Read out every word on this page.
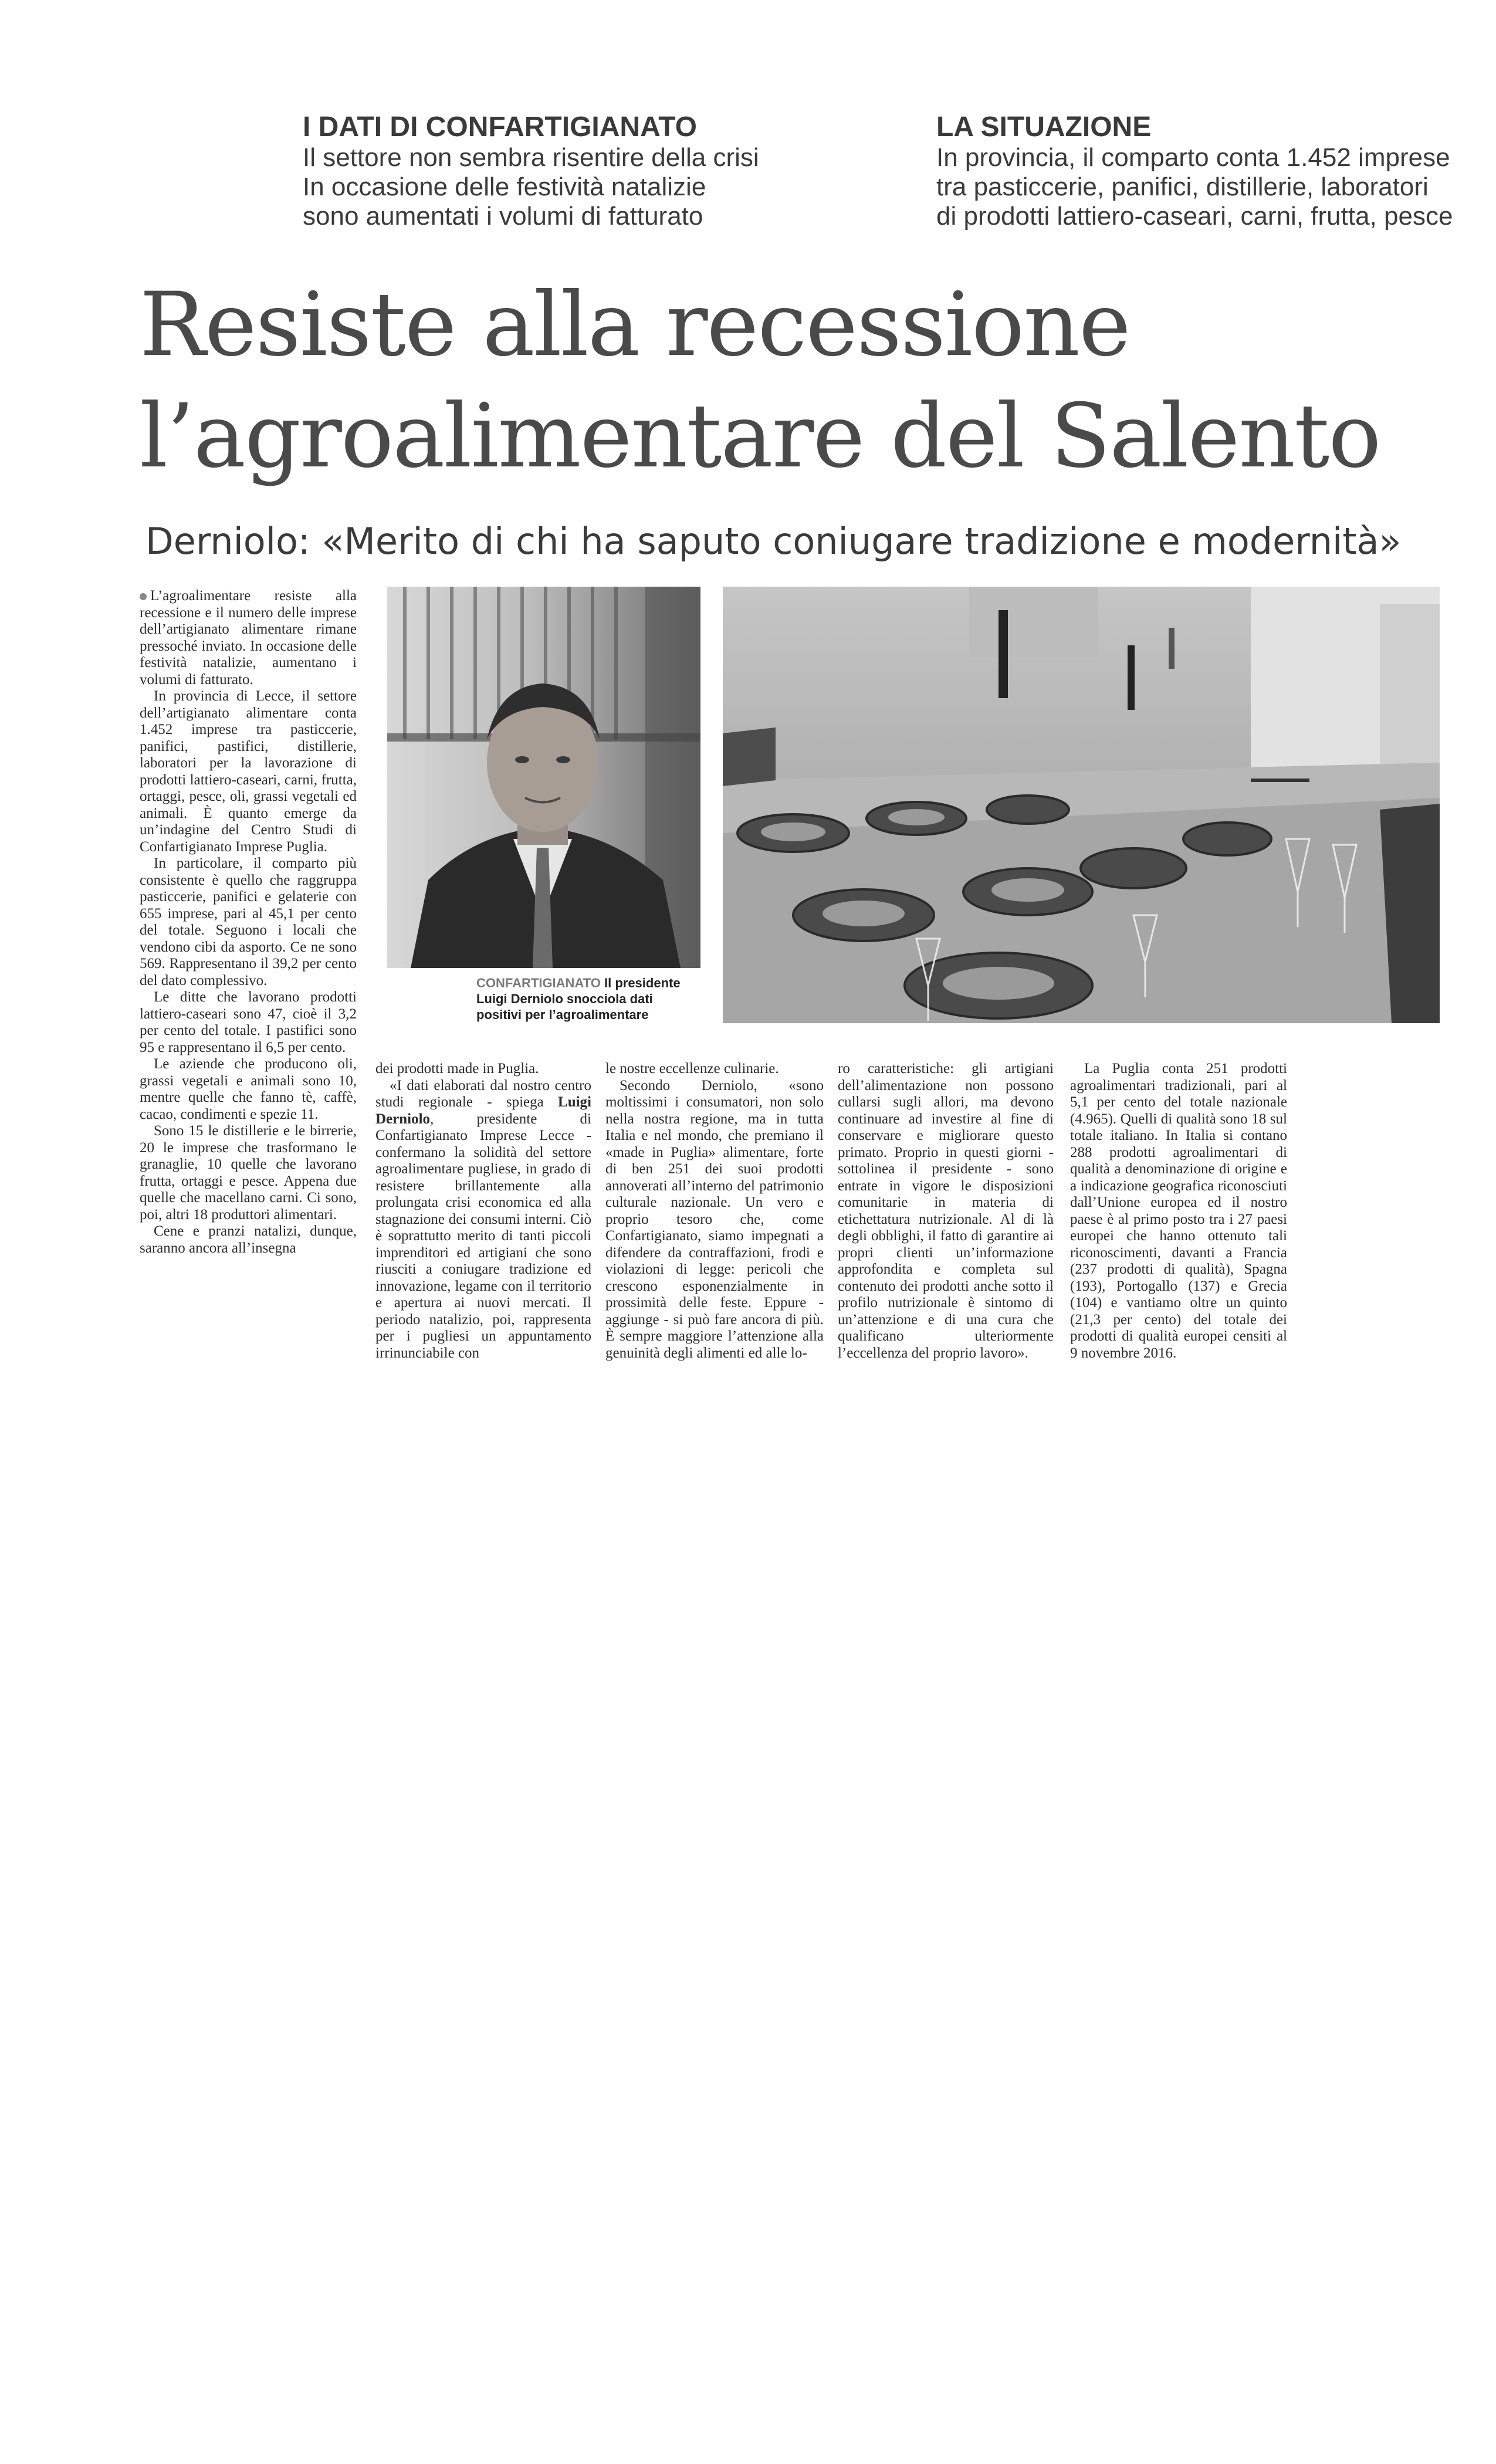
I DATI DI CONFARTIGIANATO
Il settore non sembra risentire della crisi
In occasione delle festività natalizie
sono aumentati i volumi di fatturato
LA SITUAZIONE
In provincia, il comparto conta 1.452 imprese
tra pasticcerie, panifici, distillerie, laboratori
di prodotti lattiero-caseari, carni, frutta, pesce
Resiste alla recessione
l’agroalimentare del Salento
Derniolo: «Merito di chi ha saputo coniugare tradizione e modernità»
CONFARTIGIANATO Il presidente
Luigi Derniolo snocciola dati
positivi per l’agroalimentare

L’agroalimentare resiste alla recessione e il numero delle imprese dell’artigianato alimentare rimane pressoché inviato. In occasione delle festività natalizie, aumentano i volumi di fatturato.

In provincia di Lecce, il settore dell’artigianato alimentare conta 1.452 imprese tra pasticcerie, panifici, pastifici, distillerie, laboratori per la lavorazione di prodotti lattiero-caseari, carni, frutta, ortaggi, pesce, oli, grassi vegetali ed animali. È quanto emerge da un’indagine del Centro Studi di Confartigianato Imprese Puglia.

In particolare, il comparto più consistente è quello che raggruppa pasticcerie, panifici e gelaterie con 655 imprese, pari al 45,1 per cento del totale. Seguono i locali che vendono cibi da asporto. Ce ne sono 569. Rappresentano il 39,2 per cento del dato complessivo.

Le ditte che lavorano prodotti lattiero-caseari sono 47, cioè il 3,2 per cento del totale. I pastifici sono 95 e rappresentano il 6,5 per cento.

Le aziende che producono oli, grassi vegetali e animali sono 10, mentre quelle che fanno tè, caffè, cacao, condimenti e spezie 11.

Sono 15 le distillerie e le birrerie, 20 le imprese che trasformano le granaglie, 10 quelle che lavorano frutta, ortaggi e pesce. Appena due quelle che macellano carni. Ci sono, poi, altri 18 produttori alimentari.

Cene e pranzi natalizi, dunque, saranno ancora all’insegna

dei prodotti made in Puglia.

«I dati elaborati dal nostro centro studi regionale - spiega Luigi Derniolo, presidente di Confartigianato Imprese Lecce - confermano la solidità del settore agroalimentare pugliese, in grado di resistere brillantemente alla prolungata crisi economica ed alla stagnazione dei consumi interni. Ciò è soprattutto merito di tanti piccoli imprenditori ed artigiani che sono riusciti a coniugare tradizione ed innovazione, legame con il territorio e apertura ai nuovi mercati. Il periodo natalizio, poi, rappresenta per i pugliesi un appuntamento irrinunciabile con

le nostre eccellenze culinarie.

Secondo Derniolo, «sono moltissimi i consumatori, non solo nella nostra regione, ma in tutta Italia e nel mondo, che premiano il «made in Puglia» alimentare, forte di ben 251 dei suoi prodotti annoverati all’interno del patrimonio culturale nazionale. Un vero e proprio tesoro che, come Confartigianato, siamo impegnati a difendere da contraffazioni, frodi e violazioni di legge: pericoli che crescono esponenzialmente in prossimità delle feste. Eppure - aggiunge - si può fare ancora di più. È sempre maggiore l’attenzione alla genuinità degli alimenti ed alle lo-

ro caratteristiche: gli artigiani dell’alimentazione non possono cullarsi sugli allori, ma devono continuare ad investire al fine di conservare e migliorare questo primato. Proprio in questi giorni - sottolinea il presidente - sono entrate in vigore le disposizioni comunitarie in materia di etichettatura nutrizionale. Al di là degli obblighi, il fatto di garantire ai propri clienti un’informazione approfondita e completa sul contenuto dei prodotti anche sotto il profilo nutrizionale è sintomo di un’attenzione e di una cura che qualificano ulteriormente l’eccellenza del proprio lavoro».

La Puglia conta 251 prodotti agroalimentari tradizionali, pari al 5,1 per cento del totale nazionale (4.965). Quelli di qualità sono 18 sul totale italiano. In Italia si contano 288 prodotti agroalimentari di qualità a denominazione di origine e a indicazione geografica riconosciuti dall’Unione europea ed il nostro paese è al primo posto tra i 27 paesi europei che hanno ottenuto tali riconoscimenti, davanti a Francia (237 prodotti di qualità), Spagna (193), Portogallo (137) e Grecia (104) e vantiamo oltre un quinto (21,3 per cento) del totale dei prodotti di qualità europei censiti al 9 novembre 2016.
